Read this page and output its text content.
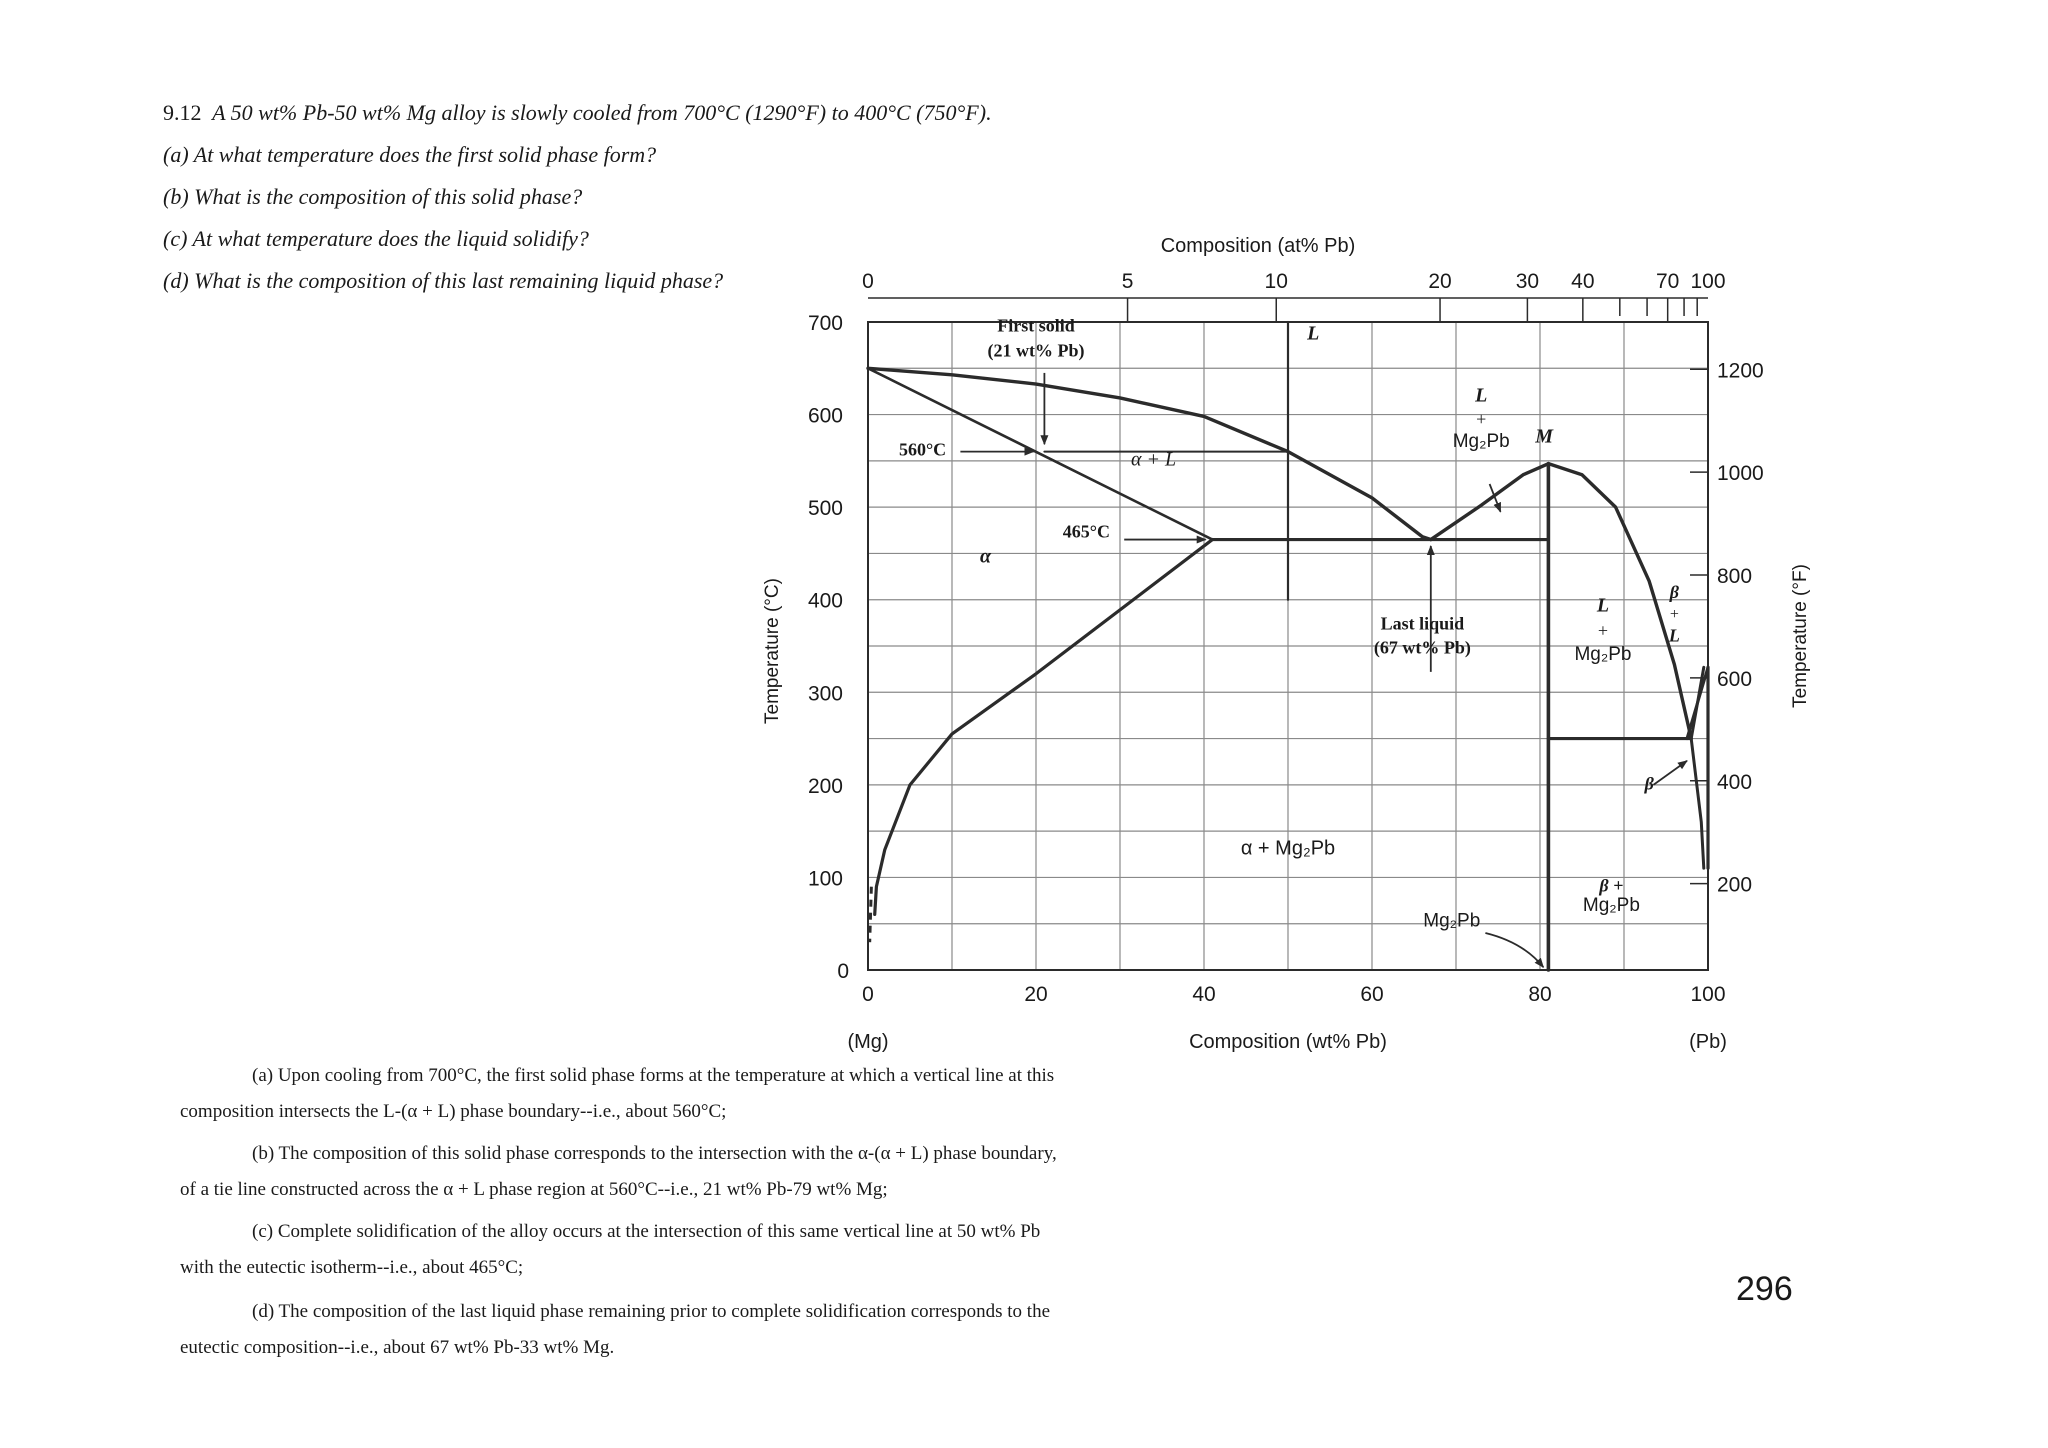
9.12 A 50 wt% Pb-50 wt% Mg alloy is slowly cooled from 700°C (1290°F) to 400°C (750°F).
(a) At what temperature does the first solid phase form?
(b) What is the composition of this solid phase?
(c) At what temperature does the liquid solidify?
(d) What is the composition of this last remaining liquid phase?
0	20	40	60	80	100
(Mg)	(Pb)
Composition (wt% Pb)
0	5	10	20	30 40	70 100
Composition (at% Pb)
0
100
200
300
400
500
600
700
Temperature (°C)
200
400
600
800
1000
1200
Temperature (°F)
First solid
(21 wt% Pb)
560°C
465°C
Last liquid
(67 wt% Pb)
L
α
α + L
L
+
Mg₂Pb M
α + Mg₂Pb
L
+
Mg₂Pb
β
+
L
β
β +
Mg₂Pb
Mg₂Pb

(a) Upon cooling from 700°C, the first solid phase forms at the temperature at which a vertical line at this
composition intersects the L-(α + L) phase boundary--i.e., about 560°C;

(b) The composition of this solid phase corresponds to the intersection with the α-(α + L) phase boundary,
of a tie line constructed across the α + L phase region at 560°C--i.e., 21 wt% Pb-79 wt% Mg;

(c) Complete solidification of the alloy occurs at the intersection of this same vertical line at 50 wt% Pb
with the eutectic isotherm--i.e., about 465°C;

(d) The composition of the last liquid phase remaining prior to complete solidification corresponds to the
eutectic composition--i.e., about 67 wt% Pb-33 wt% Mg.

296
